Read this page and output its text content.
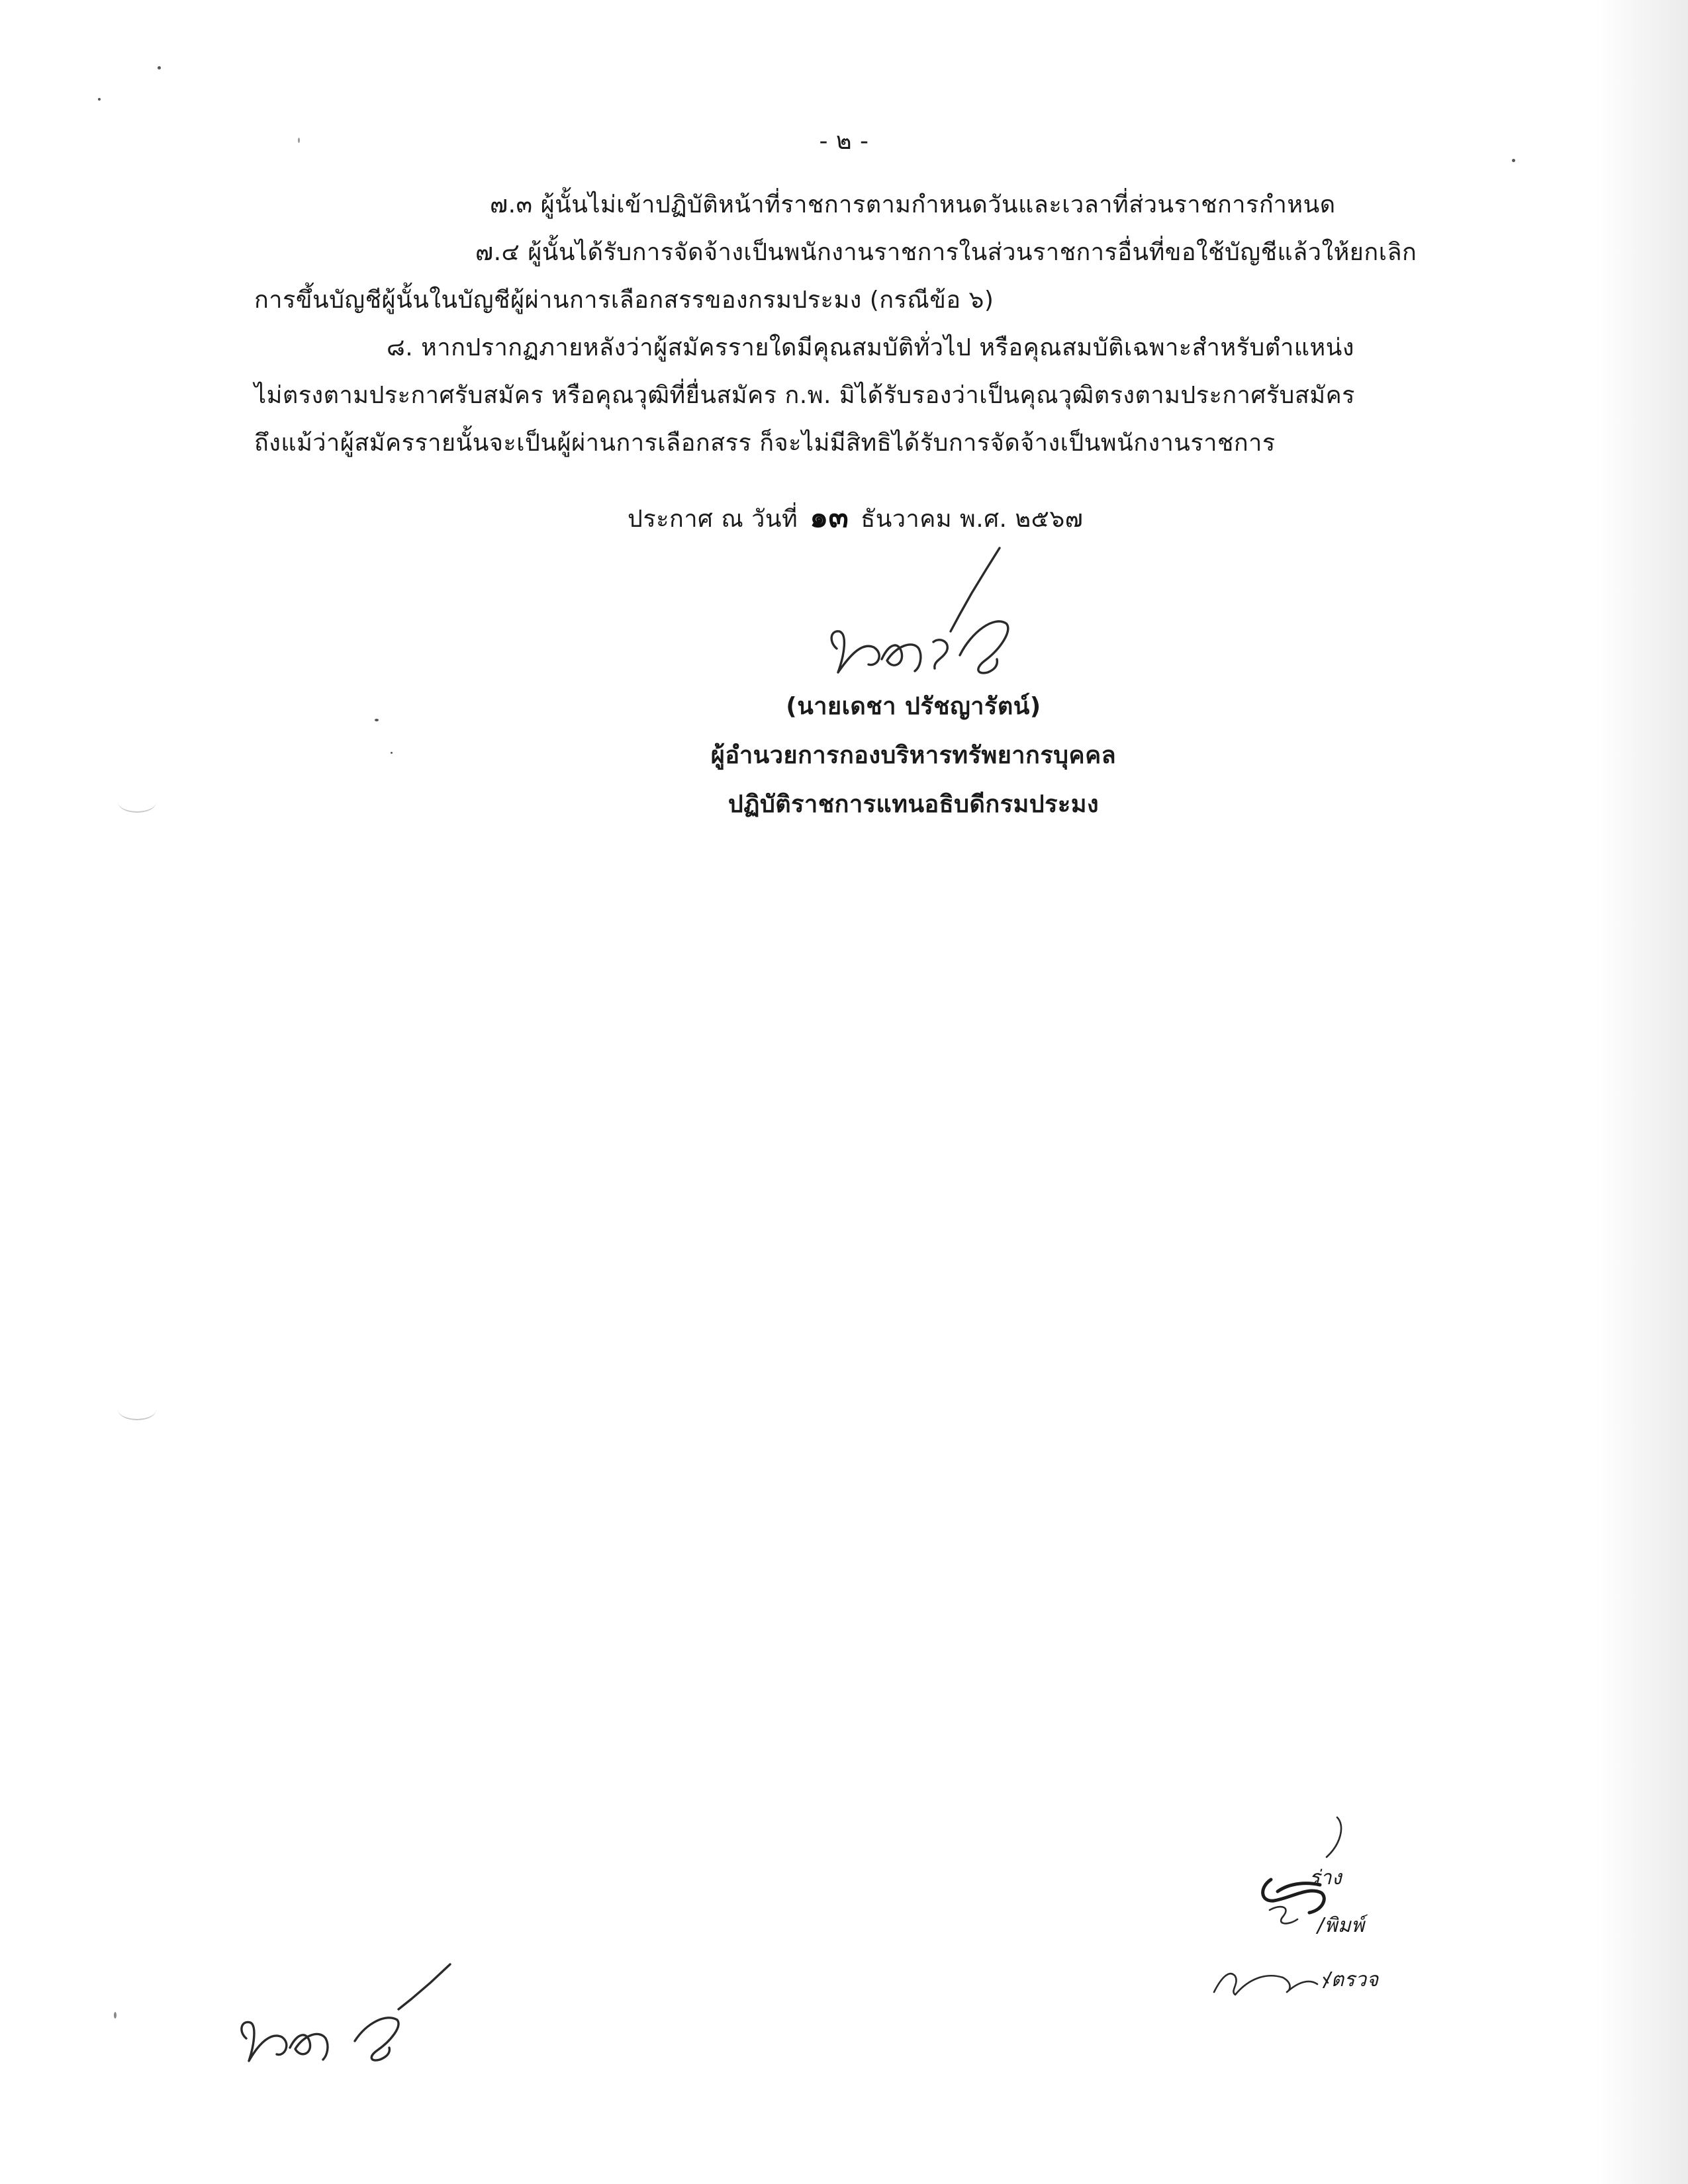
- ๒ -
๗.๓ ผู้นั้นไม่เข้าปฏิบัติหน้าที่ราชการตามกำหนดวันและเวลาที่ส่วนราชการกำหนด
๗.๔ ผู้นั้นได้รับการจัดจ้างเป็นพนักงานราชการในส่วนราชการอื่นที่ขอใช้บัญชีแล้วให้ยกเลิก
การขึ้นบัญชีผู้นั้นในบัญชีผู้ผ่านการเลือกสรรของกรมประมง (กรณีข้อ ๖)
๘. หากปรากฏภายหลังว่าผู้สมัครรายใดมีคุณสมบัติทั่วไป หรือคุณสมบัติเฉพาะสำหรับตำแหน่ง
ไม่ตรงตามประกาศรับสมัคร หรือคุณวุฒิที่ยื่นสมัคร ก.พ. มิได้รับรองว่าเป็นคุณวุฒิตรงตามประกาศรับสมัคร
ถึงแม้ว่าผู้สมัครรายนั้นจะเป็นผู้ผ่านการเลือกสรร ก็จะไม่มีสิทธิได้รับการจัดจ้างเป็นพนักงานราชการ
ประกาศ ณ วันที่ ๑๓ ธันวาคม พ.ศ. ๒๕๖๗
(นายเดชา ปรัชญารัตน์)
ผู้อำนวยการกองบริหารทรัพยากรบุคคล
ปฏิบัติราชการแทนอธิบดีกรมประมง
ร่าง
/พิมพ์
/ตรวจ
